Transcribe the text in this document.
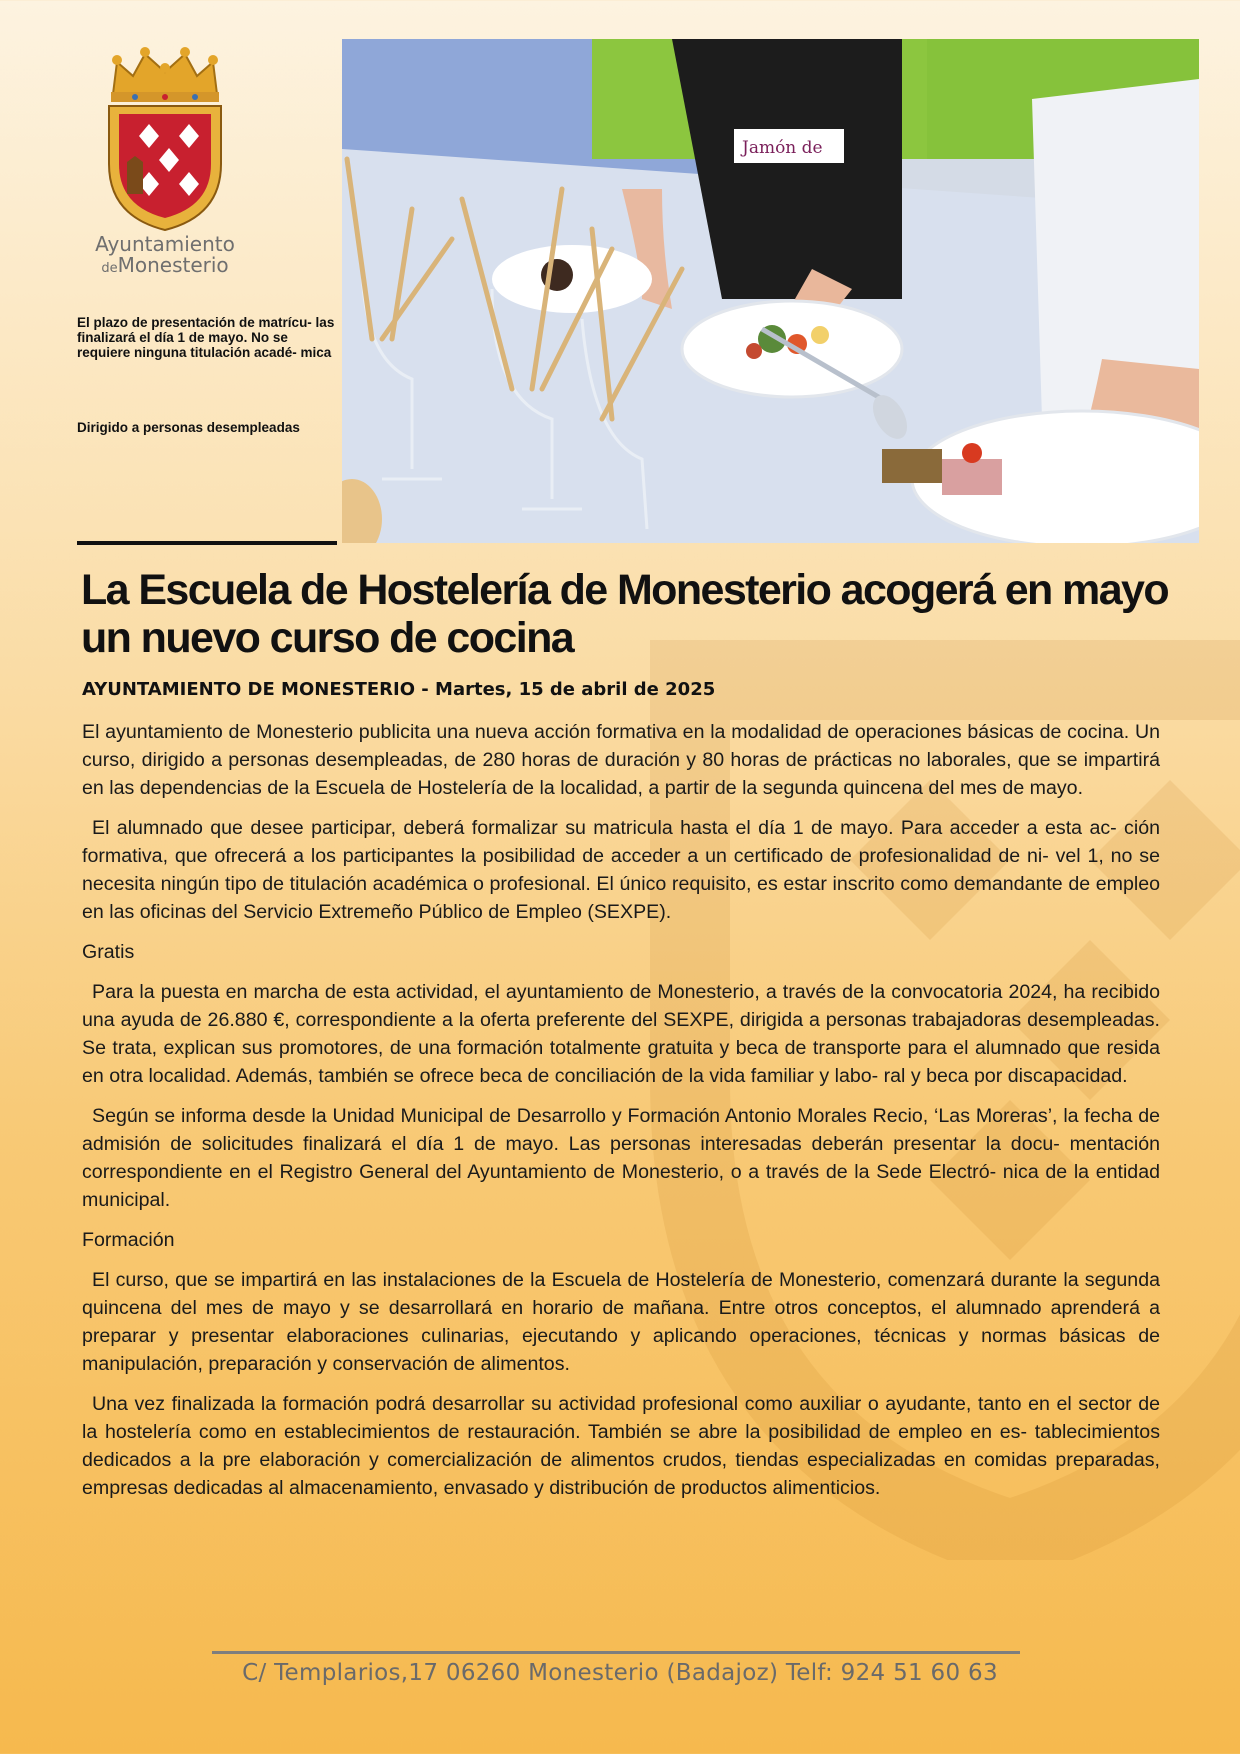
Ayuntamiento
deMonesterio
El plazo de presentación de matrícu- las finalizará el día 1 de mayo. No se requiere ninguna titulación acadé- mica
Dirigido a personas desempleadas
Jamón de
La Escuela de Hostelería de Monesterio acogerá en mayo un nuevo curso de cocina

AYUNTAMIENTO DE MONESTERIO - Martes, 15 de abril de 2025

El ayuntamiento de Monesterio publicita una nueva acción formativa en la modalidad de operaciones básicas de cocina. Un curso, dirigido a personas desempleadas, de 280 horas de duración y 80 horas de prácticas no laborales, que se impartirá en las dependencias de la Escuela de Hostelería de la localidad, a partir de la segunda quincena del mes de mayo.

El alumnado que desee participar, deberá formalizar su matricula hasta el día 1 de mayo. Para acceder a esta ac- ción formativa, que ofrecerá a los participantes la posibilidad de acceder a un certificado de profesionalidad de ni- vel 1, no se necesita ningún tipo de titulación académica o profesional. El único requisito, es estar inscrito como demandante de empleo en las oficinas del Servicio Extremeño Público de Empleo (SEXPE).

Gratis

Para la puesta en marcha de esta actividad, el ayuntamiento de Monesterio, a través de la convocatoria 2024, ha recibido una ayuda de 26.880 €, correspondiente a la oferta preferente del SEXPE, dirigida a personas trabajadoras desempleadas. Se trata, explican sus promotores, de una formación totalmente gratuita y beca de transporte para el alumnado que resida en otra localidad. Además, también se ofrece beca de conciliación de la vida familiar y labo- ral y beca por discapacidad.

Según se informa desde la Unidad Municipal de Desarrollo y Formación Antonio Morales Recio, ‘Las Moreras’, la fecha de admisión de solicitudes finalizará el día 1 de mayo. Las personas interesadas deberán presentar la docu- mentación correspondiente en el Registro General del Ayuntamiento de Monesterio, o a través de la Sede Electró- nica de la entidad municipal.

Formación

El curso, que se impartirá en las instalaciones de la Escuela de Hostelería de Monesterio, comenzará durante la segunda quincena del mes de mayo y se desarrollará en horario de mañana. Entre otros conceptos, el alumnado aprenderá a preparar y presentar elaboraciones culinarias, ejecutando y aplicando operaciones, técnicas y normas básicas de manipulación, preparación y conservación de alimentos.

Una vez finalizada la formación podrá desarrollar su actividad profesional como auxiliar o ayudante, tanto en el sector de la hostelería como en establecimientos de restauración. También se abre la posibilidad de empleo en es- tablecimientos dedicados a la pre elaboración y comercialización de alimentos crudos, tiendas especializadas en comidas preparadas, empresas dedicadas al almacenamiento, envasado y distribución de productos alimenticios.

C/ Templarios,17 06260 Monesterio (Badajoz) Telf: 924 51 60 63
